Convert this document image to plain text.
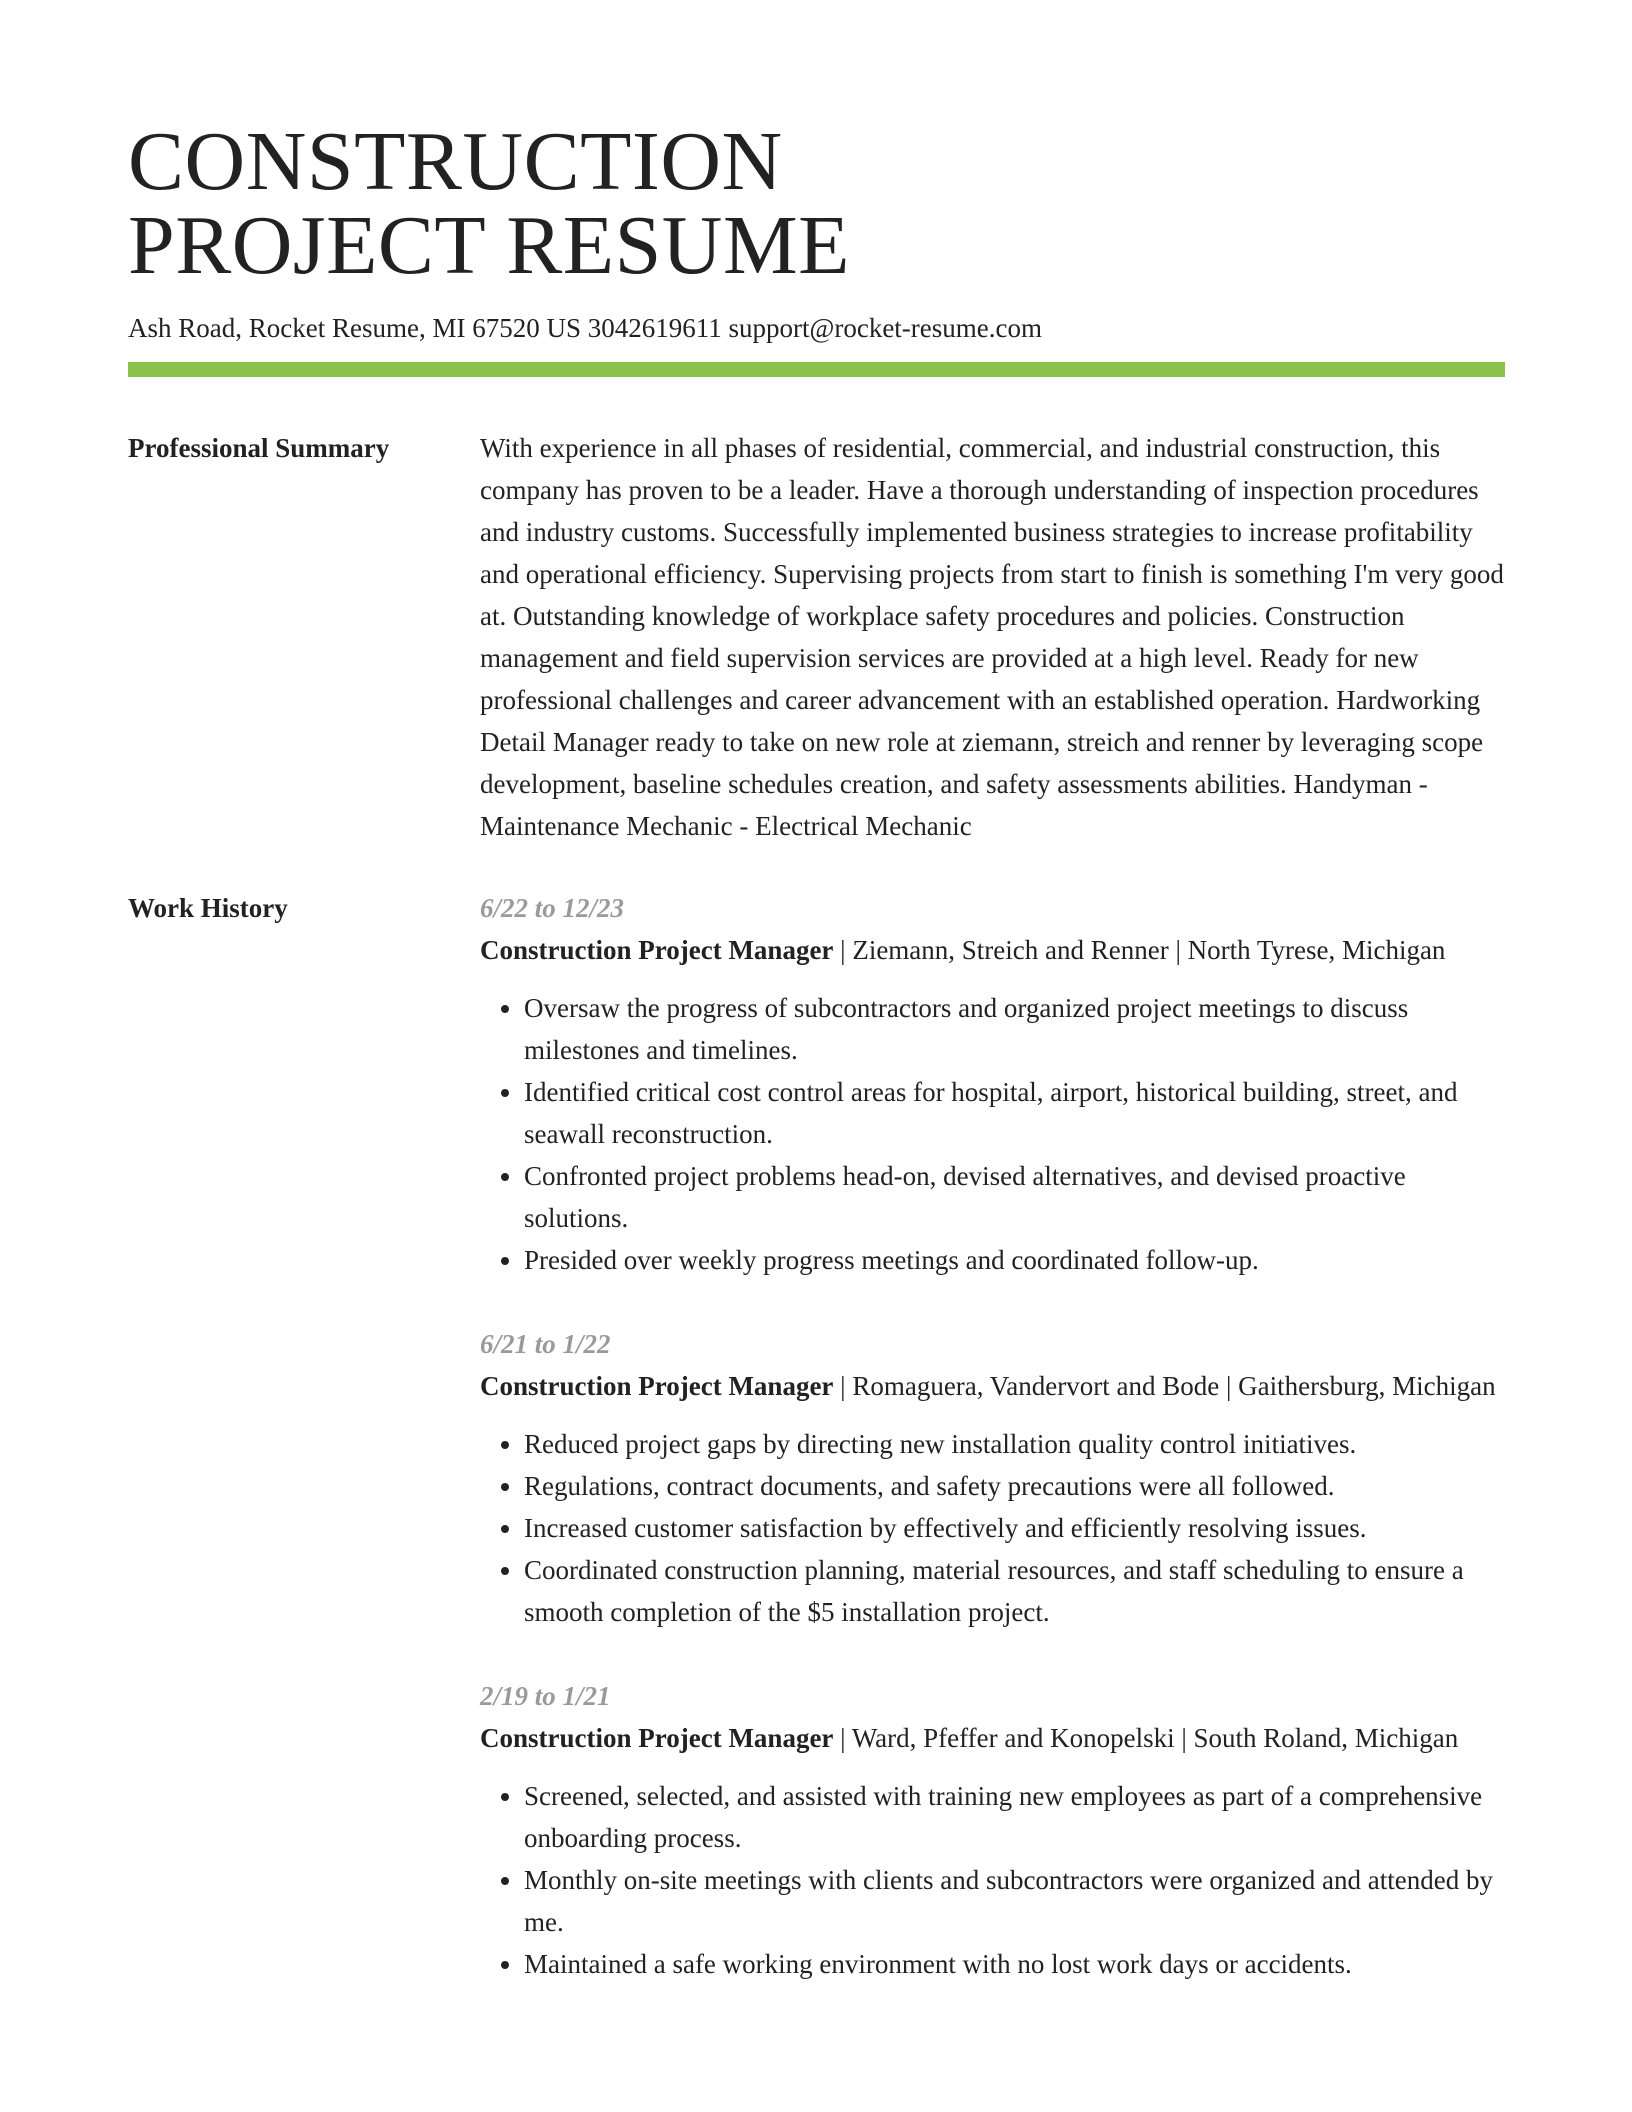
CONSTRUCTION
PROJECT RESUME
Ash Road, Rocket Resume, MI 67520 US 3042619611 support@rocket-resume.com
Professional Summary	With experience in all phases of residential, commercial, and industrial construction, this company has proven to be a leader. Have a thorough understanding of inspection procedures and industry customs. Successfully implemented business strategies to increase profitability and operational efficiency. Supervising projects from start to finish is something I'm very good at. Outstanding knowledge of workplace safety procedures and policies. Construction management and field supervision services are provided at a high level. Ready for new professional challenges and career advancement with an established operation. Hardworking Detail Manager ready to take on new role at ziemann, streich and renner by leveraging scope development, baseline schedules creation, and safety assessments abilities. Handyman - Maintenance Mechanic - Electrical Mechanic

Work History	6/22 to 12/23

Construction Project Manager | Ziemann, Streich and Renner | North Tyrese, Michigan

• Oversaw the progress of subcontractors and organized project meetings to discuss milestones and timelines.
• Identified critical cost control areas for hospital, airport, historical building, street, and seawall reconstruction.
• Confronted project problems head-on, devised alternatives, and devised proactive solutions.
• Presided over weekly progress meetings and coordinated follow-up.
6/21 to 1/22

Construction Project Manager | Romaguera, Vandervort and Bode | Gaithersburg, Michigan

• Reduced project gaps by directing new installation quality control initiatives.
• Regulations, contract documents, and safety precautions were all followed.
• Increased customer satisfaction by effectively and efficiently resolving issues.
• Coordinated construction planning, material resources, and staff scheduling to ensure a smooth completion of the $5 installation project.
2/19 to 1/21

Construction Project Manager | Ward, Pfeffer and Konopelski | South Roland, Michigan

• Screened, selected, and assisted with training new employees as part of a comprehensive onboarding process.
• Monthly on-site meetings with clients and subcontractors were organized and attended by me.
• Maintained a safe working environment with no lost work days or accidents.
